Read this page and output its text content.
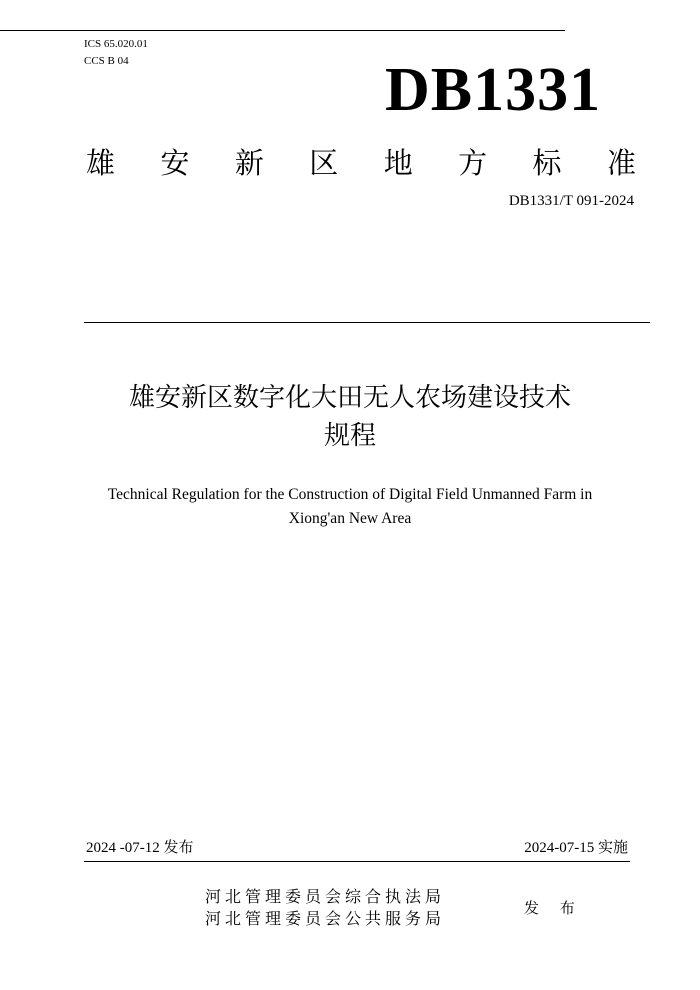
ICS 65.020.01
CCS B 04	DB1331
雄 安 新 区 地 方 标 准
DB1331/T 091-2024
雄安新区数字化大田无人农场建设技术
规程
Technical Regulation for the Construction of Digital Field Unmanned Farm in
Xiong'an New Area
2024 -07-12 发布	2024-07-15 实施
河北管理委员会综合执法局
河北管理委员会公共服务局
发 布
